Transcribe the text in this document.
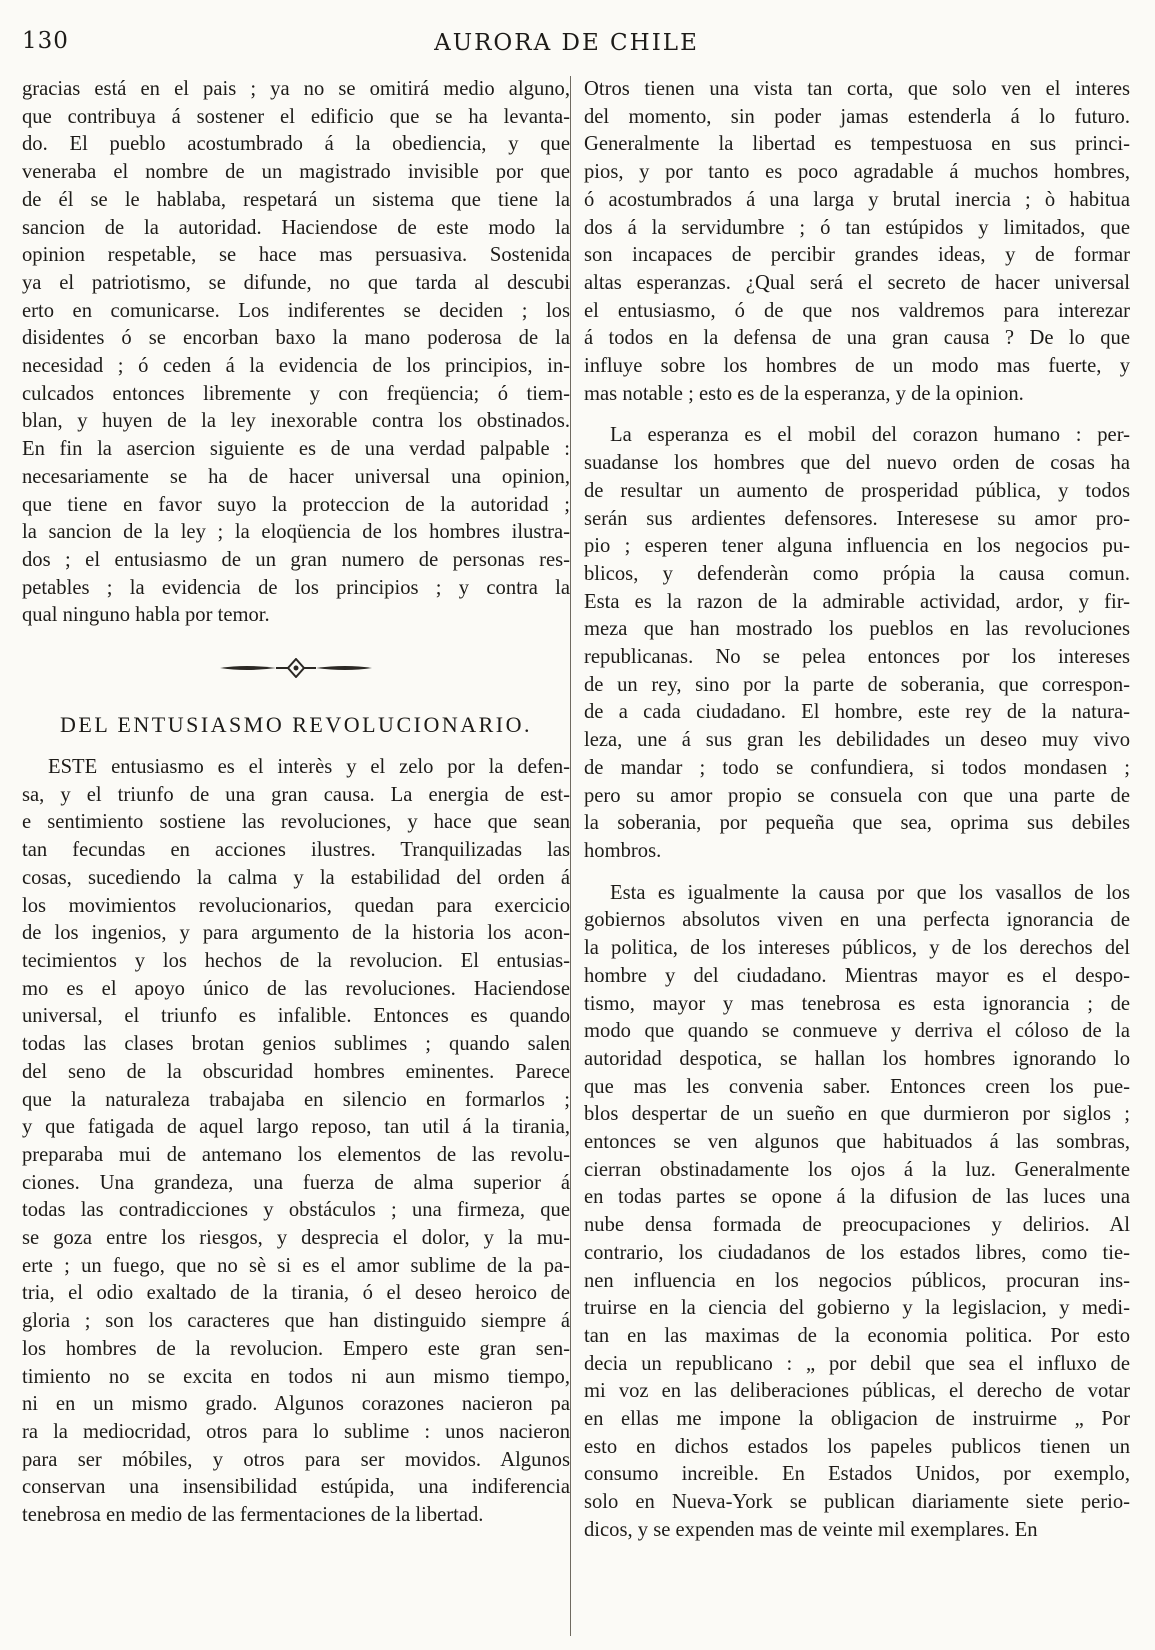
130	AURORA DE CHILE
gracias está en el pais ; ya no se omitirá medio alguno,
que contribuya á sostener el edificio que se ha levanta-
do. El pueblo acostumbrado á la obediencia, y que
veneraba el nombre de un magistrado invisible por que
de él se le hablaba, respetará un sistema que tiene la
sancion de la autoridad. Haciendose de este modo la
opinion respetable, se hace mas persuasiva. Sostenida
ya el patriotismo, se difunde, no que tarda al descubi
erto en comunicarse. Los indiferentes se deciden ; los
disidentes ó se encorban baxo la mano poderosa de la
necesidad ; ó ceden á la evidencia de los principios, in-
culcados entonces libremente y con freqüencia; ó tiem-
blan, y huyen de la ley inexorable contra los obstinados.
En fin la asercion siguiente es de una verdad palpable :
necesariamente se ha de hacer universal una opinion,
que tiene en favor suyo la proteccion de la autoridad ;
la sancion de la ley ; la eloqüencia de los hombres ilustra-
dos ; el entusiasmo de un gran numero de personas res-
petables ; la evidencia de los principios ; y contra la
qual ninguno habla por temor.
DEL ENTUSIASMO REVOLUCIONARIO.
ESTE entusiasmo es el interès y el zelo por la defen-
sa, y el triunfo de una gran causa. La energia de est-
e sentimiento sostiene las revoluciones, y hace que sean
tan fecundas en acciones ilustres. Tranquilizadas las
cosas, sucediendo la calma y la estabilidad del orden á
los movimientos revolucionarios, quedan para exercicio
de los ingenios, y para argumento de la historia los acon-
tecimientos y los hechos de la revolucion. El entusias-
mo es el apoyo único de las revoluciones. Haciendose
universal, el triunfo es infalible. Entonces es quando
todas las clases brotan genios sublimes ; quando salen
del seno de la obscuridad hombres eminentes. Parece
que la naturaleza trabajaba en silencio en formarlos ;
y que fatigada de aquel largo reposo, tan util á la tirania,
preparaba mui de antemano los elementos de las revolu-
ciones. Una grandeza, una fuerza de alma superior á
todas las contradicciones y obstáculos ; una firmeza, que
se goza entre los riesgos, y desprecia el dolor, y la mu-
erte ; un fuego, que no sè si es el amor sublime de la pa-
tria, el odio exaltado de la tirania, ó el deseo heroico de
gloria ; son los caracteres que han distinguido siempre á
los hombres de la revolucion. Empero este gran sen-
timiento no se excita en todos ni aun mismo tiempo,
ni en un mismo grado. Algunos corazones nacieron pa
ra la mediocridad, otros para lo sublime : unos nacieron
para ser móbiles, y otros para ser movidos. Algunos
conservan una insensibilidad estúpida, una indiferencia
tenebrosa en medio de las fermentaciones de la libertad.
Otros tienen una vista tan corta, que solo ven el interes
del momento, sin poder jamas estenderla á lo futuro.
Generalmente la libertad es tempestuosa en sus princi-
pios, y por tanto es poco agradable á muchos hombres,
ó acostumbrados á una larga y brutal inercia ; ò habitua
dos á la servidumbre ; ó tan estúpidos y limitados, que
son incapaces de percibir grandes ideas, y de formar
altas esperanzas. ¿Qual será el secreto de hacer universal
el entusiasmo, ó de que nos valdremos para interezar
á todos en la defensa de una gran causa ? De lo que
influye sobre los hombres de un modo mas fuerte, y
mas notable ; esto es de la esperanza, y de la opinion.
La esperanza es el mobil del corazon humano : per-
suadanse los hombres que del nuevo orden de cosas ha
de resultar un aumento de prosperidad pública, y todos
serán sus ardientes defensores. Interesese su amor pro-
pio ; esperen tener alguna influencia en los negocios pu-
blicos, y defenderàn como própia la causa comun.
Esta es la razon de la admirable actividad, ardor, y fir-
meza que han mostrado los pueblos en las revoluciones
republicanas. No se pelea entonces por los intereses
de un rey, sino por la parte de soberania, que correspon-
de a cada ciudadano. El hombre, este rey de la natura-
leza, une á sus gran les debilidades un deseo muy vivo
de mandar ; todo se confundiera, si todos mondasen ;
pero su amor propio se consuela con que una parte de
la soberania, por pequeña que sea, oprima sus debiles
hombros.
Esta es igualmente la causa por que los vasallos de los
gobiernos absolutos viven en una perfecta ignorancia de
la politica, de los intereses públicos, y de los derechos del
hombre y del ciudadano. Mientras mayor es el despo-
tismo, mayor y mas tenebrosa es esta ignorancia ; de
modo que quando se conmueve y derriva el cóloso de la
autoridad despotica, se hallan los hombres ignorando lo
que mas les convenia saber. Entonces creen los pue-
blos despertar de un sueño en que durmieron por siglos ;
entonces se ven algunos que habituados á las sombras,
cierran obstinadamente los ojos á la luz. Generalmente
en todas partes se opone á la difusion de las luces una
nube densa formada de preocupaciones y delirios. Al
contrario, los ciudadanos de los estados libres, como tie-
nen influencia en los negocios públicos, procuran ins-
truirse en la ciencia del gobierno y la legislacion, y medi-
tan en las maximas de la economia politica. Por esto
decia un republicano : „ por debil que sea el influxo de
mi voz en las deliberaciones públicas, el derecho de votar
en ellas me impone la obligacion de instruirme „ Por
esto en dichos estados los papeles publicos tienen un
consumo increible. En Estados Unidos, por exemplo,
solo en Nueva-York se publican diariamente siete perio-
dicos, y se expenden mas de veinte mil exemplares. En
